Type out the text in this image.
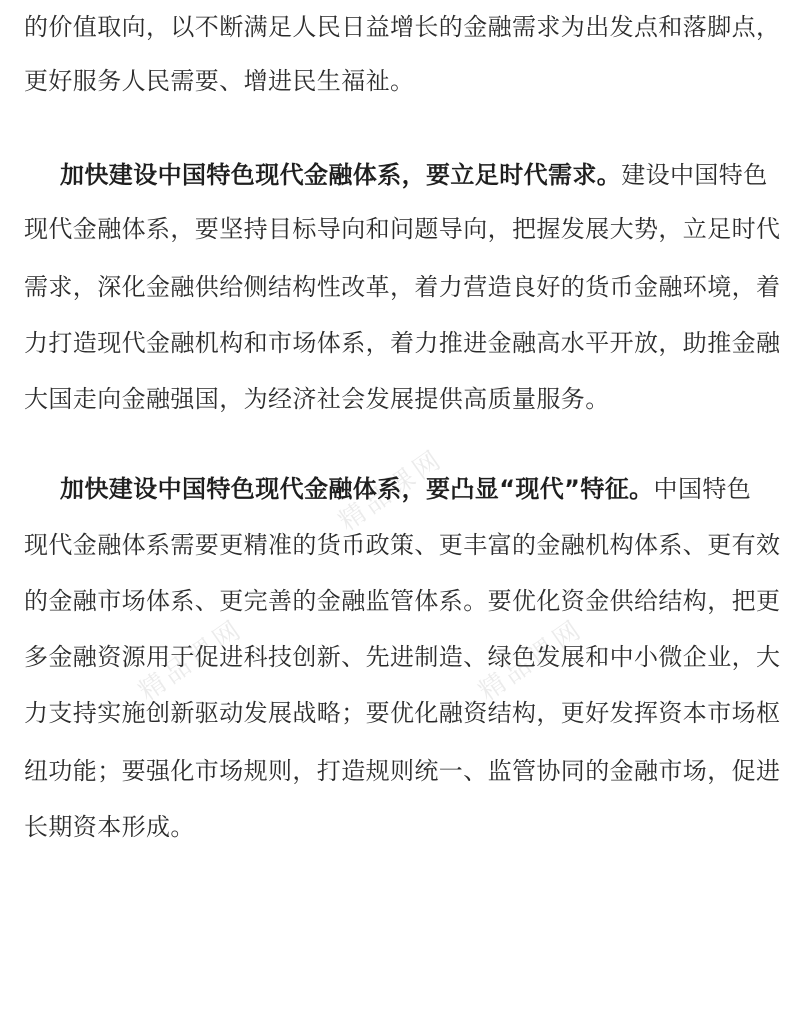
精品课网
精品课网	精品课网
的价值取向，以不断满足人民日益增长的金融需求为出发点和落脚点，
更好服务人民需要、增进民生福祉。
加快建设中国特色现代金融体系，要立足时代需求。建设中国特色
现代金融体系，要坚持目标导向和问题导向，把握发展大势，立足时代
需求，深化金融供给侧结构性改革，着力营造良好的货币金融环境，着
力打造现代金融机构和市场体系，着力推进金融高水平开放，助推金融
大国走向金融强国，为经济社会发展提供高质量服务。
加快建设中国特色现代金融体系，要凸显“现代”特征。中国特色
现代金融体系需要更精准的货币政策、更丰富的金融机构体系、更有效
的金融市场体系、更完善的金融监管体系。要优化资金供给结构，把更
多金融资源用于促进科技创新、先进制造、绿色发展和中小微企业，大
力支持实施创新驱动发展战略；要优化融资结构，更好发挥资本市场枢
纽功能；要强化市场规则，打造规则统一、监管协同的金融市场，促进
长期资本形成。
